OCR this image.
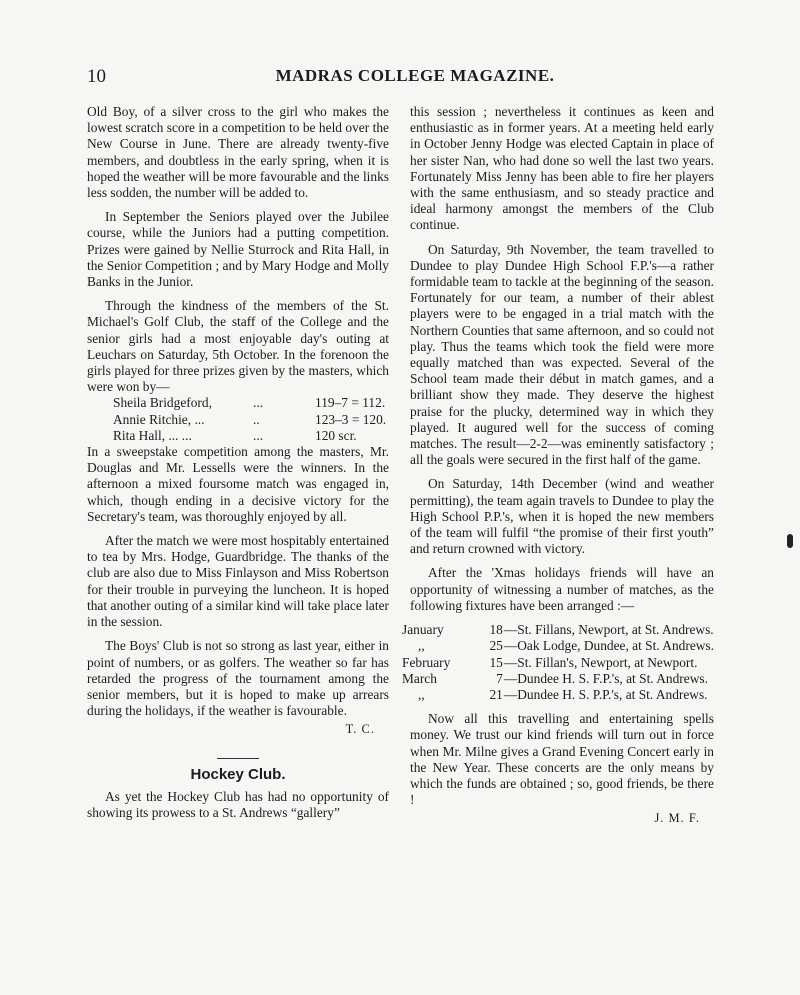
10	MADRAS COLLEGE MAGAZINE.

Old Boy, of a silver cross to the girl who makes the lowest scratch score in a competition to be held over the New Course in June. There are already twenty-five members, and doubtless in the early spring, when it is hoped the weather will be more favourable and the links less sodden, the number will be added to.

In September the Seniors played over the Jubilee course, while the Juniors had a putting competition. Prizes were gained by Nellie Sturrock and Rita Hall, in the Senior Competition ; and by Mary Hodge and Molly Banks in the Junior.

Through the kindness of the members of the St. Michael's Golf Club, the staff of the College and the senior girls had a most enjoyable day's outing at Leuchars on Saturday, 5th October. In the forenoon the girls played for three prizes given by the masters, which were won by—

Sheila Bridgeford,	...	119–7 = 112.
Annie Ritchie, ...	..	123–3 = 120.
Rita Hall, ... ...	...	120 scr.

In a sweepstake competition among the masters, Mr. Douglas and Mr. Lessells were the winners. In the afternoon a mixed foursome match was engaged in, which, though ending in a decisive victory for the Secretary's team, was thoroughly enjoyed by all.

After the match we were most hospitably entertained to tea by Mrs. Hodge, Guardbridge. The thanks of the club are also due to Miss Finlayson and Miss Robertson for their trouble in purveying the luncheon. It is hoped that another outing of a similar kind will take place later in the session.

The Boys' Club is not so strong as last year, either in point of numbers, or as golfers. The weather so far has retarded the progress of the tournament among the senior members, but it is hoped to make up arrears during the holidays, if the weather is favourable.

T. C.
Hockey Club.

As yet the Hockey Club has had no opportunity of showing its prowess to a St. Andrews “gallery”

this session ; nevertheless it continues as keen and enthusiastic as in former years. At a meeting held early in October Jenny Hodge was elected Captain in place of her sister Nan, who had done so well the last two years. Fortunately Miss Jenny has been able to fire her players with the same enthusiasm, and so steady practice and ideal harmony amongst the members of the Club continue.

On Saturday, 9th November, the team travelled to Dundee to play Dundee High School F.P.'s—a rather formidable team to tackle at the beginning of the season. Fortunately for our team, a number of their ablest players were to be engaged in a trial match with the Northern Counties that same afternoon, and so could not play. Thus the teams which took the field were more equally matched than was expected. Several of the School team made their début in match games, and a brilliant show they made. They deserve the highest praise for the plucky, determined way in which they played. It augured well for the success of coming matches. The result—2-2—was eminently satisfactory ; all the goals were secured in the first half of the game.

On Saturday, 14th December (wind and weather permitting), the team again travels to Dundee to play the High School P.P.'s, when it is hoped the new members of the team will fulfil “the promise of their first youth” and return crowned with victory.

After the 'Xmas holidays friends will have an opportunity of witnessing a number of matches, as the following fixtures have been arranged :—

January	18	—St. Fillans, Newport, at St. Andrews.
,,	25	—Oak Lodge, Dundee, at St. Andrews.
February	15	—St. Fillan's, Newport, at Newport.
March	7	—Dundee H. S. F.P.'s, at St. Andrews.
,,	21	—Dundee H. S. P.P.'s, at St. Andrews.

Now all this travelling and entertaining spells money. We trust our kind friends will turn out in force when Mr. Milne gives a Grand Evening Concert early in the New Year. These concerts are the only means by which the funds are obtained ; so, good friends, be there !

J. M. F.
